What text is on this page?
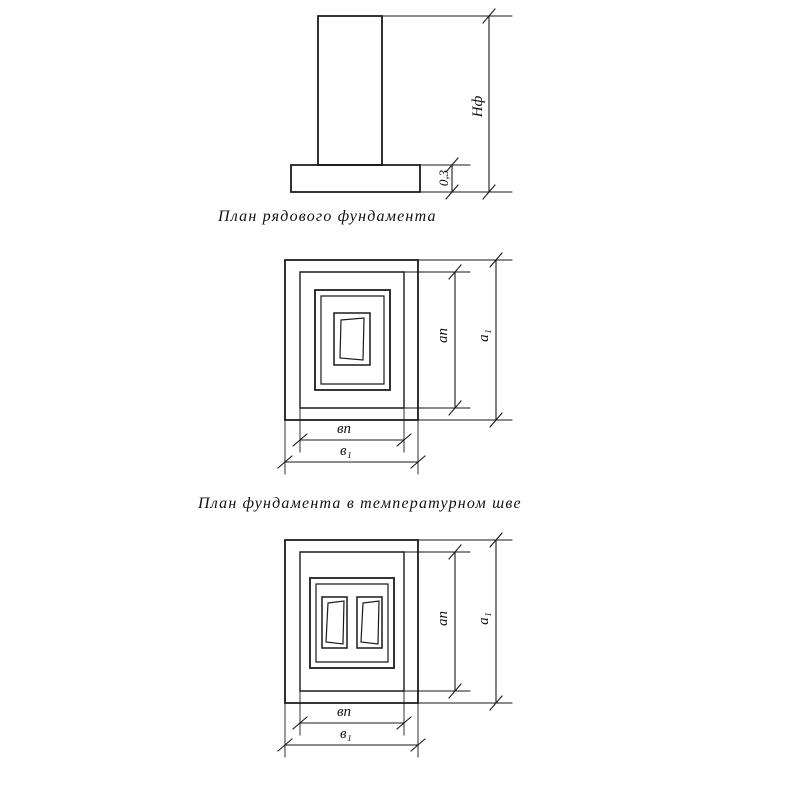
Нф
0,3
План рядового фундамента
ап а₁
вп
в₁
План фундамента в температурном шве
ап а₁
вп
в₁
